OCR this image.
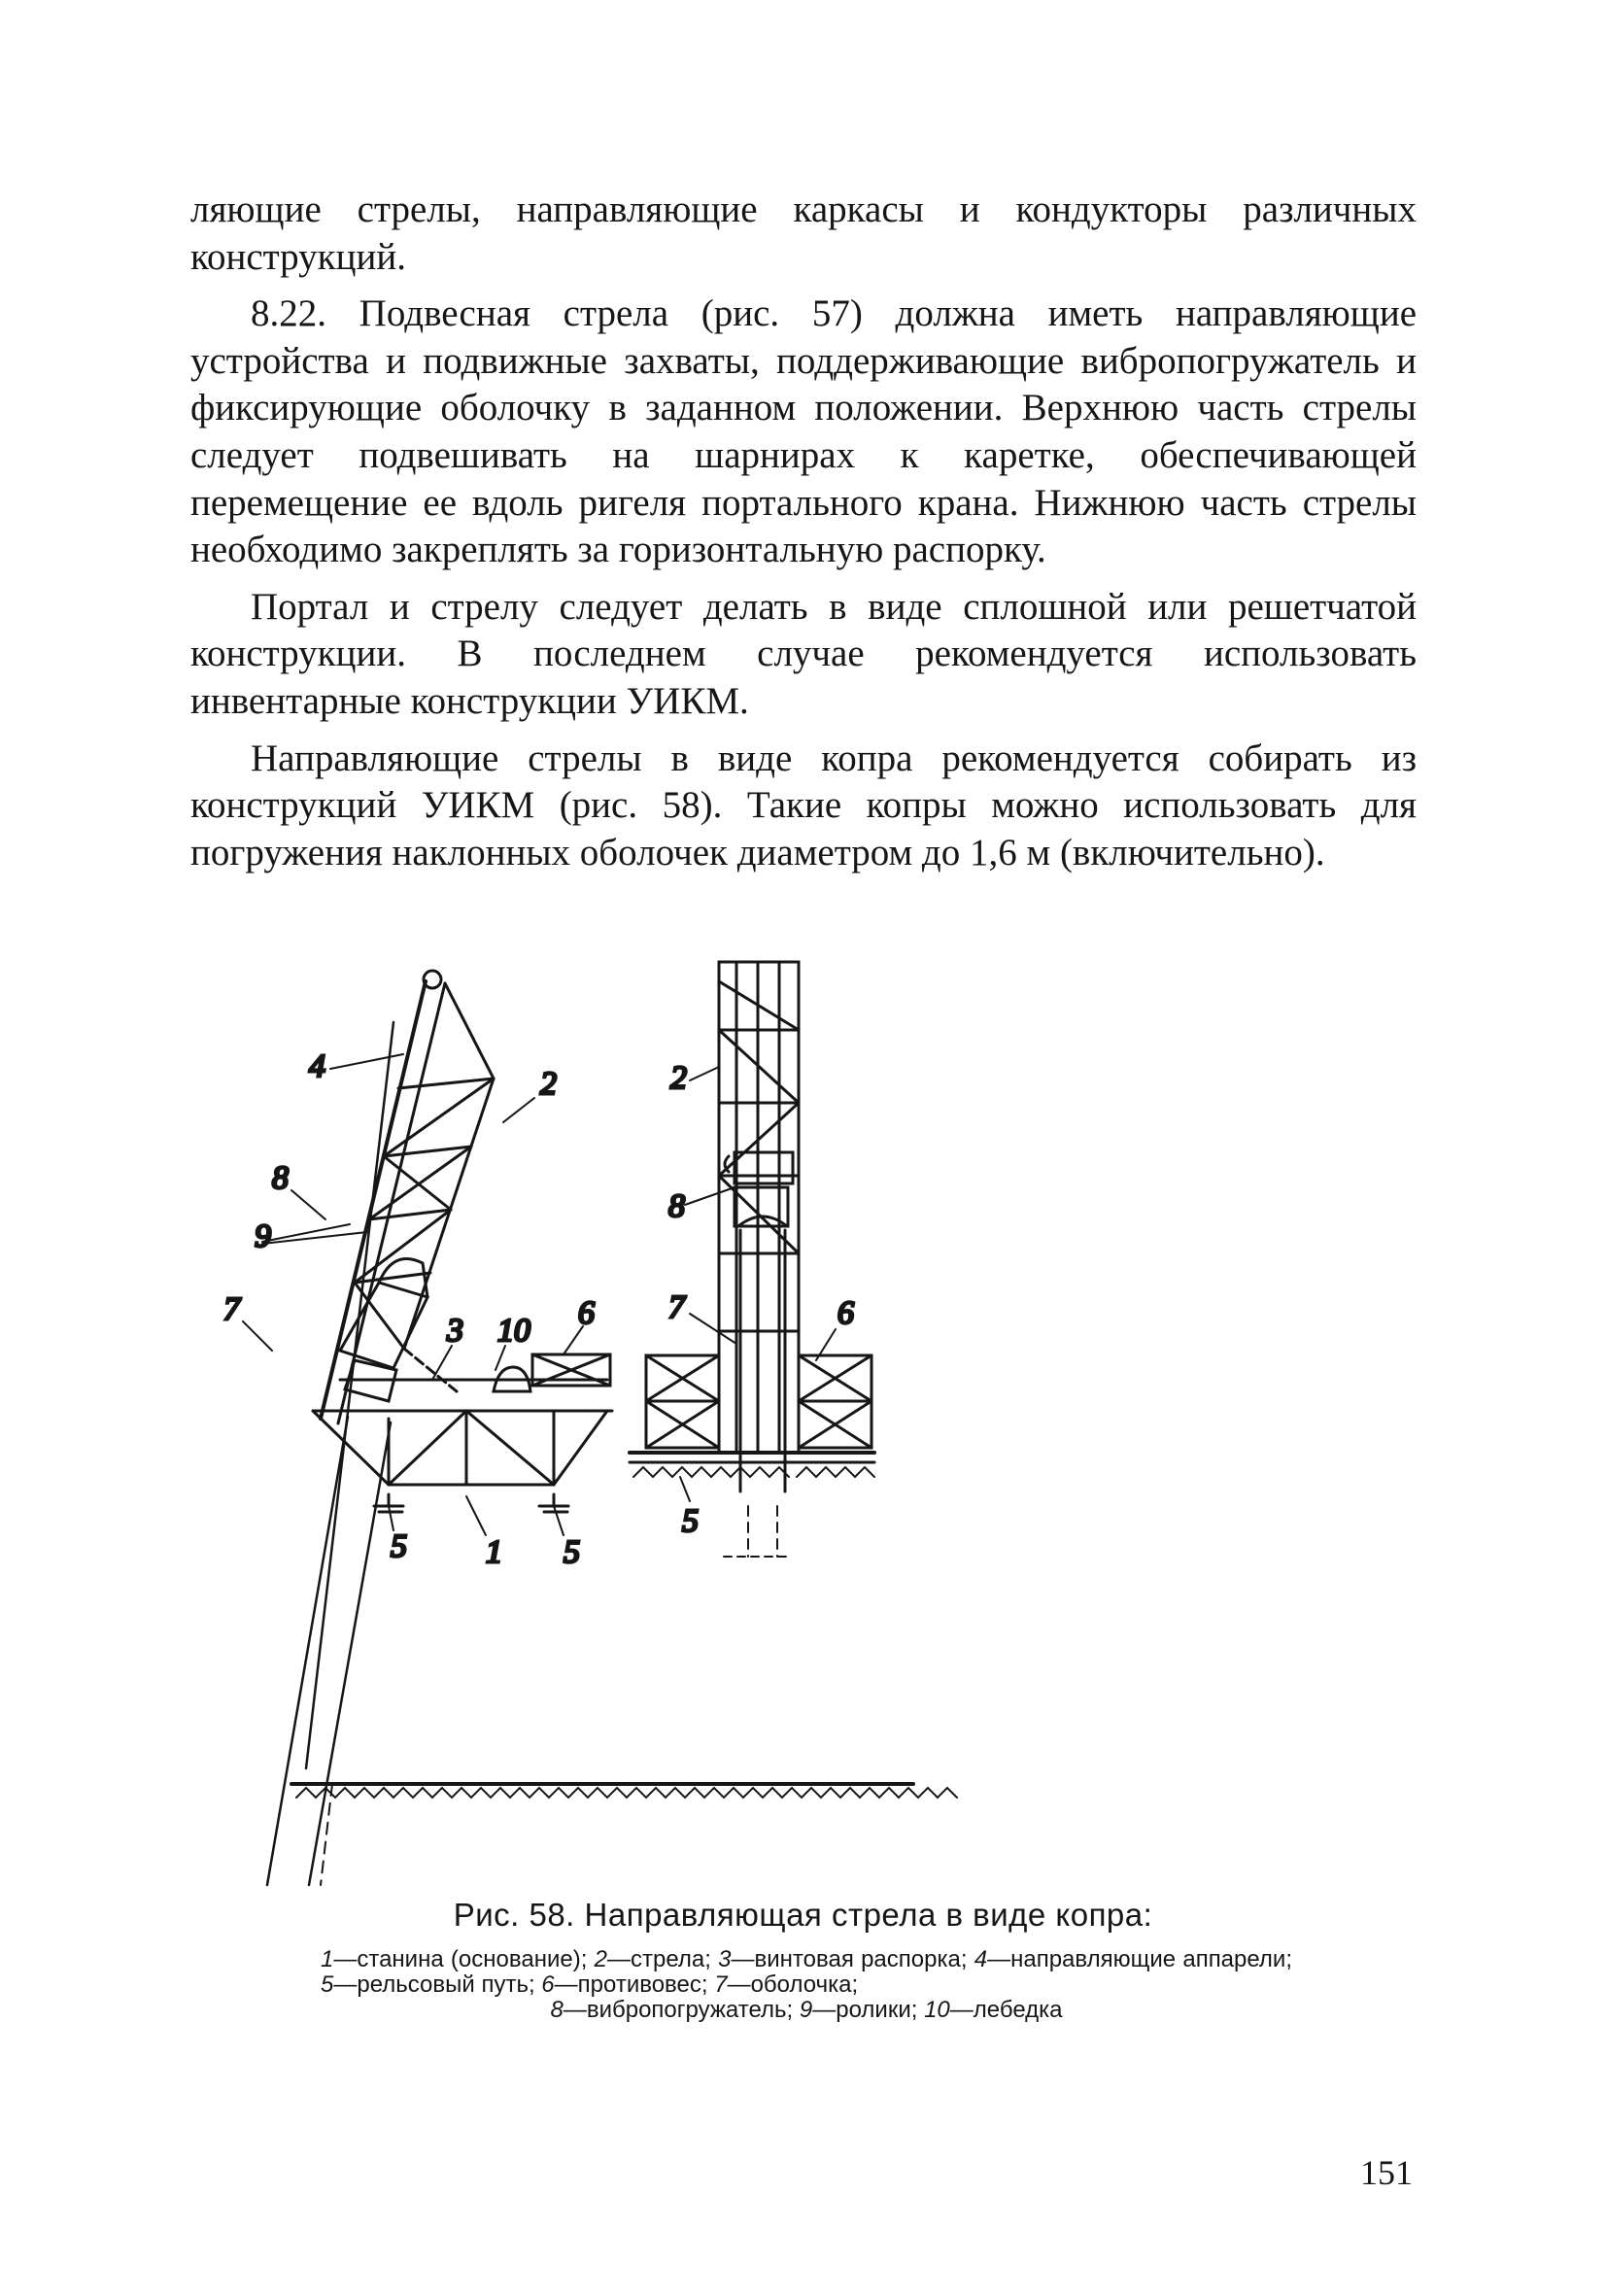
ляющие стрелы, направляющие каркасы и кондукторы различных конструкций.

8.22. Подвесная стрела (рис. 57) должна иметь направляющие устройства и подвижные захваты, поддерживающие вибропогружатель и фиксирующие оболочку в заданном положении. Верхнюю часть стрелы следует подвешивать на шарнирах к каретке, обеспечивающей перемещение ее вдоль ригеля портального крана. Нижнюю часть стрелы необходимо закреплять за горизонтальную распорку.

Портал и стрелу следует делать в виде сплошной или решетчатой конструкции. В последнем случае рекомендуется использовать инвентарные конструкции УИКМ.

Направляющие стрелы в виде копра рекомендуется собирать из конструкций УИКМ (рис. 58). Такие копры можно использовать для погружения наклонных оболочек диаметром до 1,6 м (включительно).

4	2
8
9
7
3 10 6
1 5
5
2
8
7	6
5
Рис. 58. Направляющая стрела в виде копра:
1—станина (основание); 2—стрела; 3—винтовая распорка; 4—направляющие аппарели; 5—рельсовый путь; 6—противовес; 7—оболочка;
8—вибропогружатель; 9—ролики; 10—лебедка
151
